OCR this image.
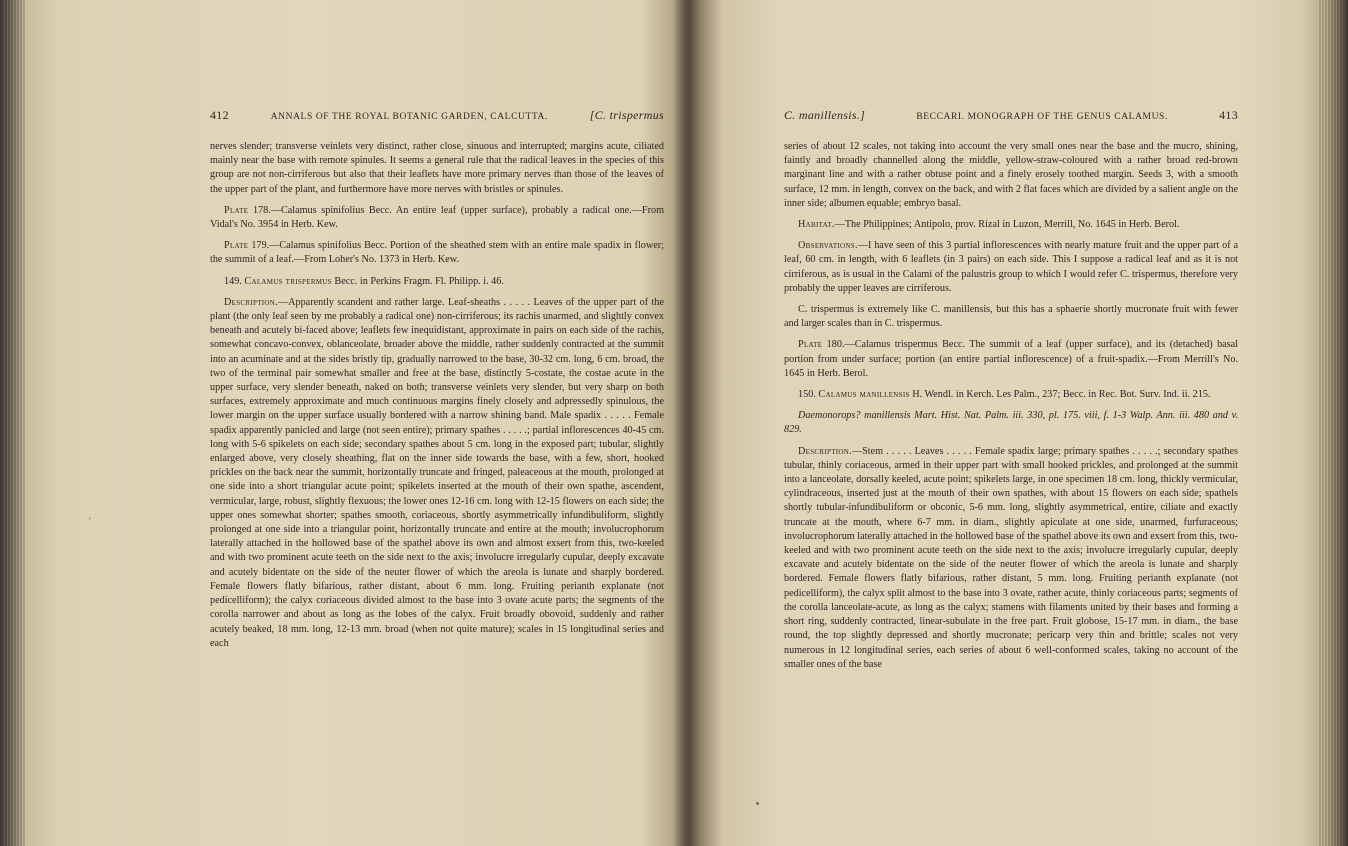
412	ANNALS OF THE ROYAL BOTANIC GARDEN, CALCUTTA.	[C. trispermus

nerves slender; transverse veinlets very distinct, rather close, sinuous and interrupted; margins acute, ciliated mainly near the base with remote spinules. It seems a general rule that the radical leaves in the species of this group are not non-cirriferous but also that their leaflets have more primary nerves than those of the leaves of the upper part of the plant, and furthermore have more nerves with bristles or spinules.

Plate 178.—Calamus spinifolius Becc. An entire leaf (upper surface), probably a radical one.—From Vidal's No. 3954 in Herb. Kew.

Plate 179.—Calamus spinifolius Becc. Portion of the sheathed stem with an entire male spadix in flower; the summit of a leaf.—From Loher's No. 1373 in Herb. Kew.

149. Calamus trispermus Becc. in Perkins Fragm. Fl. Philipp. i. 46.

Description.—Apparently scandent and rather large. Leaf-sheaths . . . . . Leaves of the upper part of the plant (the only leaf seen by me probably a radical one) non-cirriferous; its rachis unarmed, and slightly convex beneath and acutely bi-faced above; leaflets few inequidistant, approximate in pairs on each side of the rachis, somewhat concavo-convex, oblanceolate, broader above the middle, rather suddenly contracted at the summit into an acuminate and at the sides bristly tip, gradually narrowed to the base, 30-32 cm. long, 6 cm. broad, the two of the terminal pair somewhat smaller and free at the base, distinctly 5-costate, the costae acute in the upper surface, very slender beneath, naked on both; transverse veinlets very slender, but very sharp on both surfaces, extremely approximate and much continuous margins finely closely and adpressedly spinulous, the lower margin on the upper surface usually bordered with a narrow shining band. Male spadix . . . . . Female spadix apparently panicled and large (not seen entire); primary spathes . . . . .; partial inflorescences 40-45 cm. long with 5-6 spikelets on each side; secondary spathes about 5 cm. long in the exposed part; tubular, slightly enlarged above, very closely sheathing, flat on the inner side towards the base, with a few, short, hooked prickles on the back near the summit, horizontally truncate and fringed, paleaceous at the mouth, prolonged at one side into a short triangular acute point; spikelets inserted at the mouth of their own spathe, ascendent, vermicular, large, robust, slightly flexuous; the lower ones 12-16 cm. long with 12-15 flowers on each side; the upper ones somewhat shorter; spathes smooth, coriaceous, shortly asymmetrically infundibuliform, slightly prolonged at one side into a triangular point, horizontally truncate and entire at the mouth; involucrophorum laterally attached in the hollowed base of the spathel above its own and almost exsert from this, two-keeled and with two prominent acute teeth on the side next to the axis; involucre irregularly cupular, deeply excavate and acutely bidentate on the side of the neuter flower of which the areola is lunate and sharply bordered. Female flowers flatly bifarious, rather distant, about 6 mm. long. Fruiting perianth explanate (not pedicelliform); the calyx coriaceous divided almost to the base into 3 ovate acute parts; the segments of the corolla narrower and about as long as the lobes of the calyx. Fruit broadly obovoid, suddenly and rather acutely beaked, 18 mm. long, 12-13 mm. broad (when not quite mature); scales in 15 longitudinal series and each

'
C. manillensis.]	BECCARI. MONOGRAPH OF THE GENUS CALAMUS.	413

series of about 12 scales, not taking into account the very small ones near the base and the mucro, shining, faintly and broadly channelled along the middle, yellow-straw-coloured with a rather broad red-brown marginant line and with a rather obtuse point and a finely erosely toothed margin. Seeds 3, with a smooth surface, 12 mm. in length, convex on the back, and with 2 flat faces which are divided by a salient angle on the inner side; albumen equable; embryo basal.

Habitat.—The Philippines; Antipolo, prov. Rizal in Luzon, Merrill, No. 1645 in Herb. Berol.

Observations.—I have seen of this 3 partial inflorescences with nearly mature fruit and the upper part of a leaf, 60 cm. in length, with 6 leaflets (in 3 pairs) on each side. This I suppose a radical leaf and as it is not cirriferous, as is usual in the Calami of the palustris group to which I would refer C. trispermus, therefore very probably the upper leaves are cirriferous.

C. trispermus is extremely like C. manillensis, but this has a sphaerie shortly mucronate fruit with fewer and larger scales than in C. trispermus.

Plate 180.—Calamus trispermus Becc. The summit of a leaf (upper surface), and its (detached) basal portion from under surface; portion (an entire partial inflorescence) of a fruit-spadix.—From Merrill's No. 1645 in Herb. Berol.

150. Calamus manillensis H. Wendl. in Kerch. Les Palm., 237; Becc. in Rec. Bot. Surv. Ind. ii. 215.

Daemonorops? manillensis Mart. Hist. Nat. Palm. iii. 330, pl. 175. viii, f. 1-3 Walp. Ann. iii. 480 and v. 829.

Description.—Stem . . . . . Leaves . . . . . Female spadix large; primary spathes . . . . .; secondary spathes tubular, thinly coriaceous, armed in their upper part with small hooked prickles, and prolonged at the summit into a lanceolate, dorsally keeled, acute point; spikelets large, in one specimen 18 cm. long, thickly vermicular, cylindraceous, inserted just at the mouth of their own spathes, with about 15 flowers on each side; spathels shortly tubular-infundibuliform or obconic, 5-6 mm. long, slightly asymmetrical, entire, ciliate and exactly truncate at the mouth, where 6-7 mm. in diam., slightly apiculate at one side, unarmed, furfuraceous; involucrophorum laterally attached in the hollowed base of the spathel above its own and exsert from this, two-keeled and with two prominent acute teeth on the side next to the axis; involucre irregularly cupular, deeply excavate and acutely bidentate on the side of the neuter flower of which the areola is lunate and sharply bordered. Female flowers flatly bifarious, rather distant, 5 mm. long. Fruiting perianth explanate (not pedicelliform), the calyx split almost to the base into 3 ovate, rather acute, thinly coriaceous parts; segments of the corolla lanceolate-acute, as long as the calyx; stamens with filaments united by their bases and forming a short ring, suddenly contracted, linear-subulate in the free part. Fruit globose, 15-17 mm. in diam., the base round, the top slightly depressed and shortly mucronate; pericarp very thin and brittle; scales not very numerous in 12 longitudinal series, each series of about 6 well-conformed scales, taking no account of the smaller ones of the base
